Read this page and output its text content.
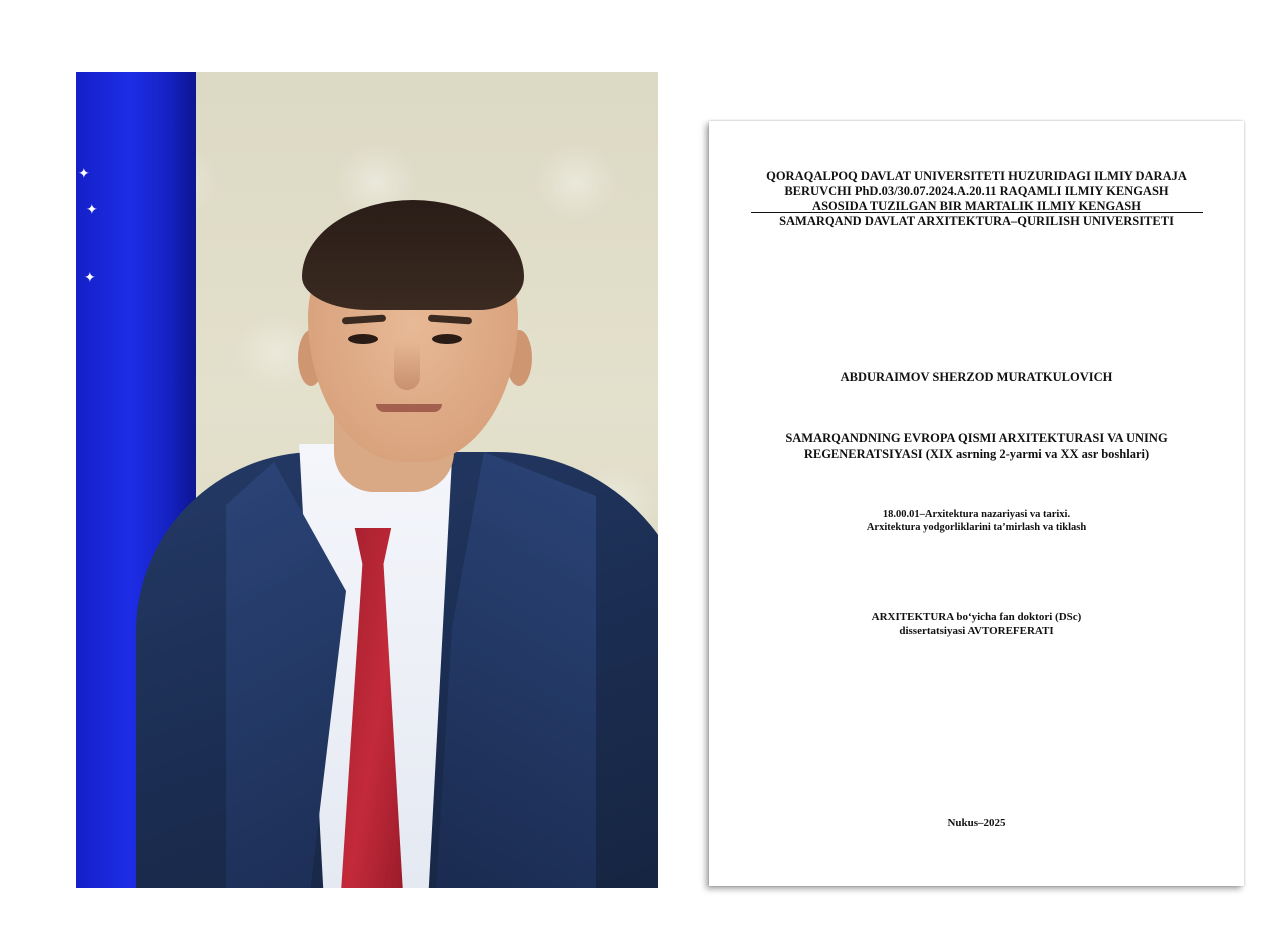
✦
✦
✦
QORAQALPOQ DAVLAT UNIVERSITETI HUZURIDAGI ILMIY DARAJA
BERUVCHI PhD.03/30.07.2024.A.20.11 RAQAMLI ILMIY KENGASH
ASOSIDA TUZILGAN BIR MARTALIK ILMIY KENGASH
SAMARQAND DAVLAT ARXITEKTURA–QURILISH UNIVERSITETI
ABDURAIMOV SHERZOD MURATKULOVICH
SAMARQANDNING EVROPA QISMI ARXITEKTURASI VA UNING
REGENERATSIYASI (XIX asrning 2-yarmi va XX asr boshlari)
18.00.01–Arxitektura nazariyasi va tarixi.
Arxitektura yodgorliklarini ta’mirlash va tiklash
ARXITEKTURA bo‘yicha fan doktori (DSc)
dissertatsiyasi AVTOREFERATI
Nukus–2025
